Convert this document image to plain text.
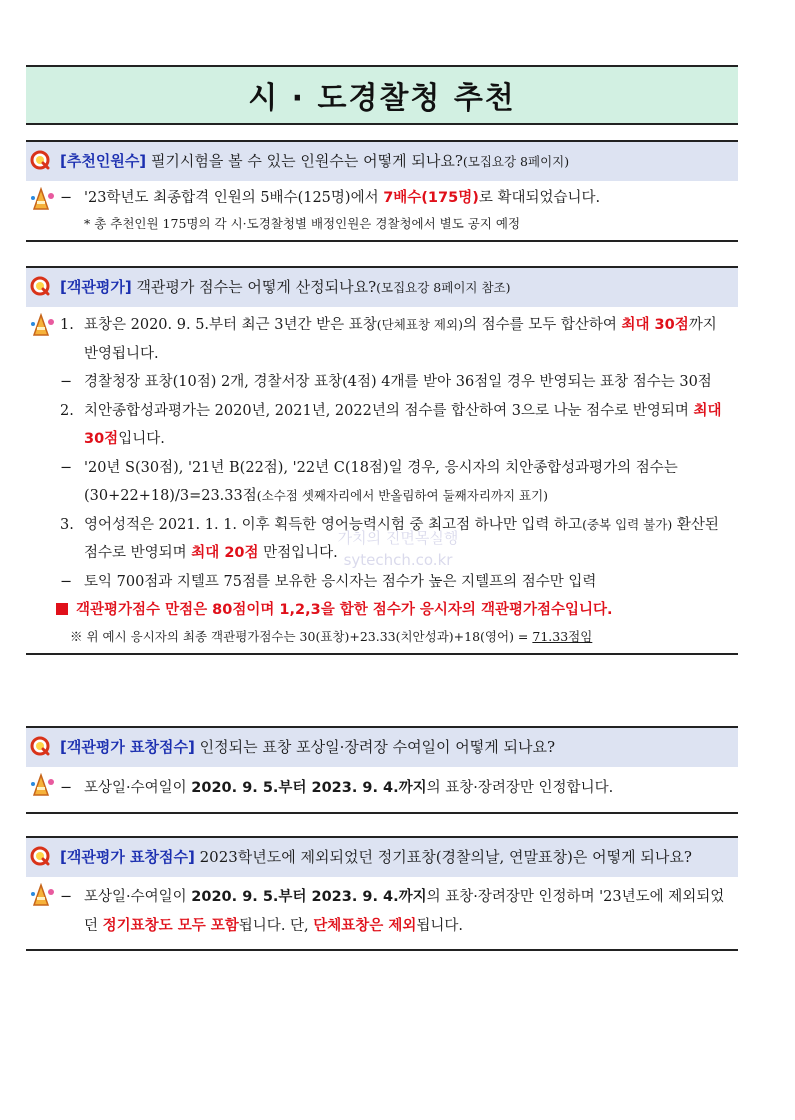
시 · 도경찰청 추천
[추천인원수] 필기시험을 볼 수 있는 인원수는 어떻게 되나요?(모집요강 8페이지)
− '23학년도 최종합격 인원의 5배수(125명)에서 7배수(175명)로 확대되었습니다.
* 총 추천인원 175명의 각 시·도경찰청별 배정인원은 경찰청에서 별도 공지 예정
[객관평가] 객관평가 점수는 어떻게 산정되나요?(모집요강 8페이지 참조)
1. 표창은 2020. 9. 5.부터 최근 3년간 받은 표창(단체표창 제외)의 점수를 모두 합산하여 최대 30점까지 반영됩니다.
− 경찰청장 표창(10점) 2개, 경찰서장 표창(4점) 4개를 받아 36점일 경우 반영되는 표창 점수는 30점
2. 치안종합성과평가는 2020년, 2021년, 2022년의 점수를 합산하여 3으로 나눈 점수로 반영되며 최대 30점입니다.
− '20년 S(30점), '21년 B(22점), '22년 C(18점)일 경우, 응시자의 치안종합성과평가의 점수는 (30+22+18)/3=23.33점(소수점 셋째자리에서 반올림하여 둘째자리까지 표기)
3. 영어성적은 2021. 1. 1. 이후 획득한 영어능력시험 중 최고점 하나만 입력 하고(중복 입력 불가) 환산된 점수로 반영되며 최대 20점 만점입니다.
− 토익 700점과 지텔프 75점를 보유한 응시자는 점수가 높은 지텔프의 점수만 입력
객관평가점수 만점은 80점이며 1,2,3을 합한 점수가 응시자의 객관평가점수입니다.
※ 위 예시 응시자의 최종 객관평가점수는 30(표창)+23.33(치안성과)+18(영어) = 71.33점임
[객관평가 표창점수] 인정되는 표창 포상일·장려장 수여일이 어떻게 되나요?
− 포상일·수여일이 2020. 9. 5.부터 2023. 9. 4.까지의 표창·장려장만 인정합니다.
[객관평가 표창점수] 2023학년도에 제외되었던 정기표창(경찰의날, 연말표창)은 어떻게 되나요?
− 포상일·수여일이 2020. 9. 5.부터 2023. 9. 4.까지의 표창·장려장만 인정하며 '23년도에 제외되었던 정기표창도 모두 포함됩니다. 단, 단체표창은 제외됩니다.
가치의 진면목실행
sytechch.co.kr
